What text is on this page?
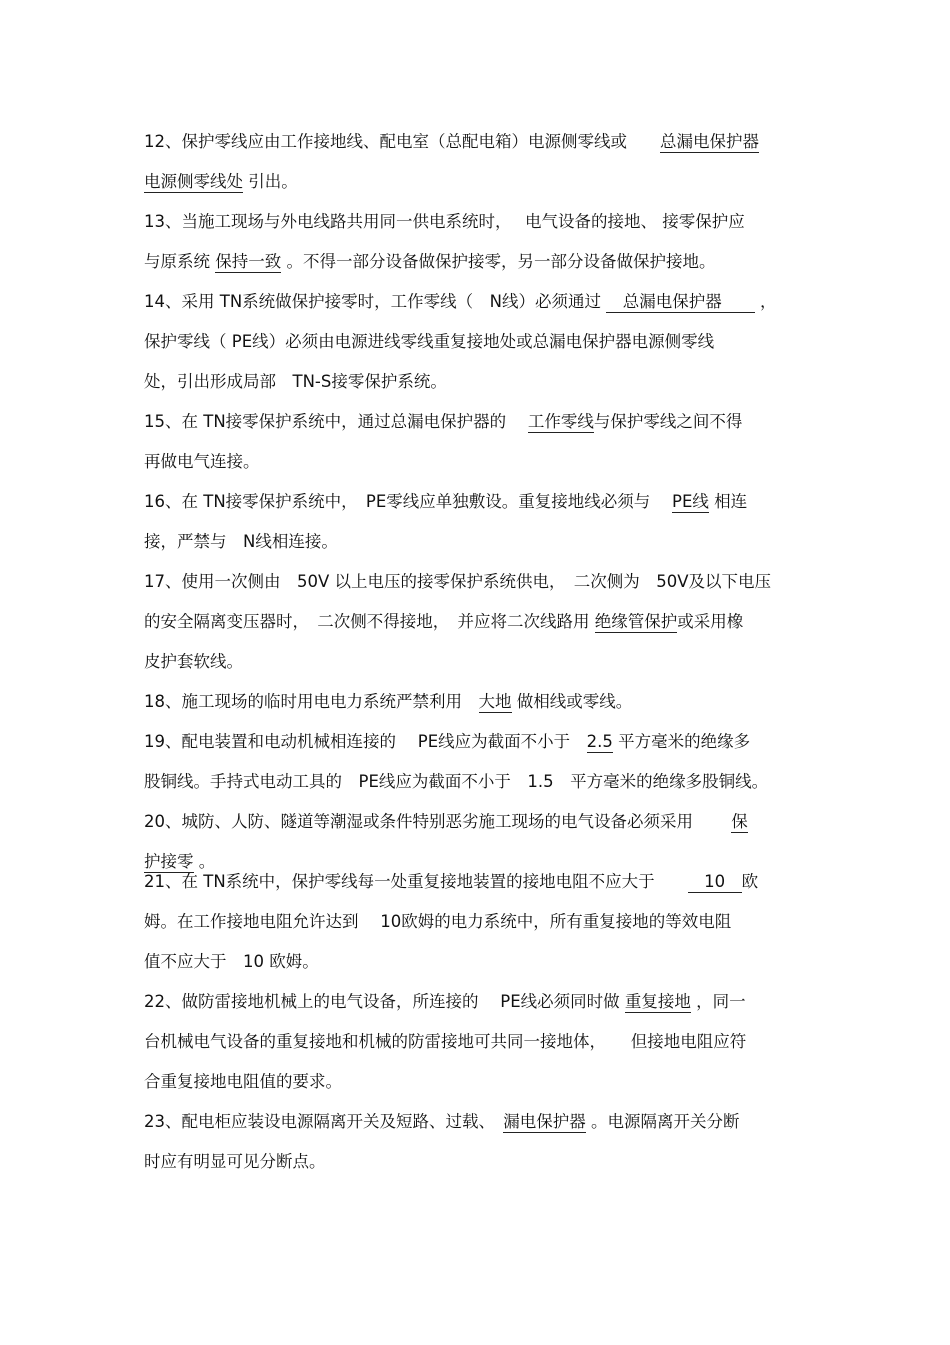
12、保护零线应由工作接地线、配电室（总配电箱）电源侧零线或　　总漏电保护器
电源侧零线处 引出。
13、当施工现场与外电线路共用同一供电系统时，　 电气设备的接地、 接零保护应
与原系统 保持一致 。不得一部分设备做保护接零，另一部分设备做保护接地。
14、采用 TN系统做保护接零时，工作零线（　N线）必须通过 　总漏电保护器　　 ，
保护零线（ PE线）必须由电源进线零线重复接地处或总漏电保护器电源侧零线
处，引出形成局部　TN-S接零保护系统。
15、在 TN接零保护系统中，通过总漏电保护器的 　工作零线与保护零线之间不得
再做电气连接。
16、在 TN接零保护系统中，　PE零线应单独敷设。重复接地线必须与　 PE线 相连
接，严禁与　N线相连接。
17、使用一次侧由　50V 以上电压的接零保护系统供电，　二次侧为　50V及以下电压
的安全隔离变压器时，　二次侧不得接地，　并应将二次线路用 绝缘管保护或采用橡
皮护套软线。
18、施工现场的临时用电电力系统严禁利用　大地 做相线或零线。
19、配电装置和电动机械相连接的　 PE线应为截面不小于　2.5 平方毫米的绝缘多
股铜线。手持式电动工具的　PE线应为截面不小于　1.5　平方毫米的绝缘多股铜线。
20、城防、人防、隧道等潮湿或条件特别恶劣施工现场的电气设备必须采用　　 保
护接零 。
21、在 TN系统中，保护零线每一处重复接地装置的接地电阻不应大于　　　10　欧
姆。在工作接地电阻允许达到　 10欧姆的电力系统中，所有重复接地的等效电阻
值不应大于　10 欧姆。
22、做防雷接地机械上的电气设备，所连接的　 PE线必须同时做 重复接地 ，同一
台机械电气设备的重复接地和机械的防雷接地可共同一接地体，　　但接地电阻应符
合重复接地电阻值的要求。
23、配电柜应装设电源隔离开关及短路、过载、　漏电保护器 。电源隔离开关分断
时应有明显可见分断点。
